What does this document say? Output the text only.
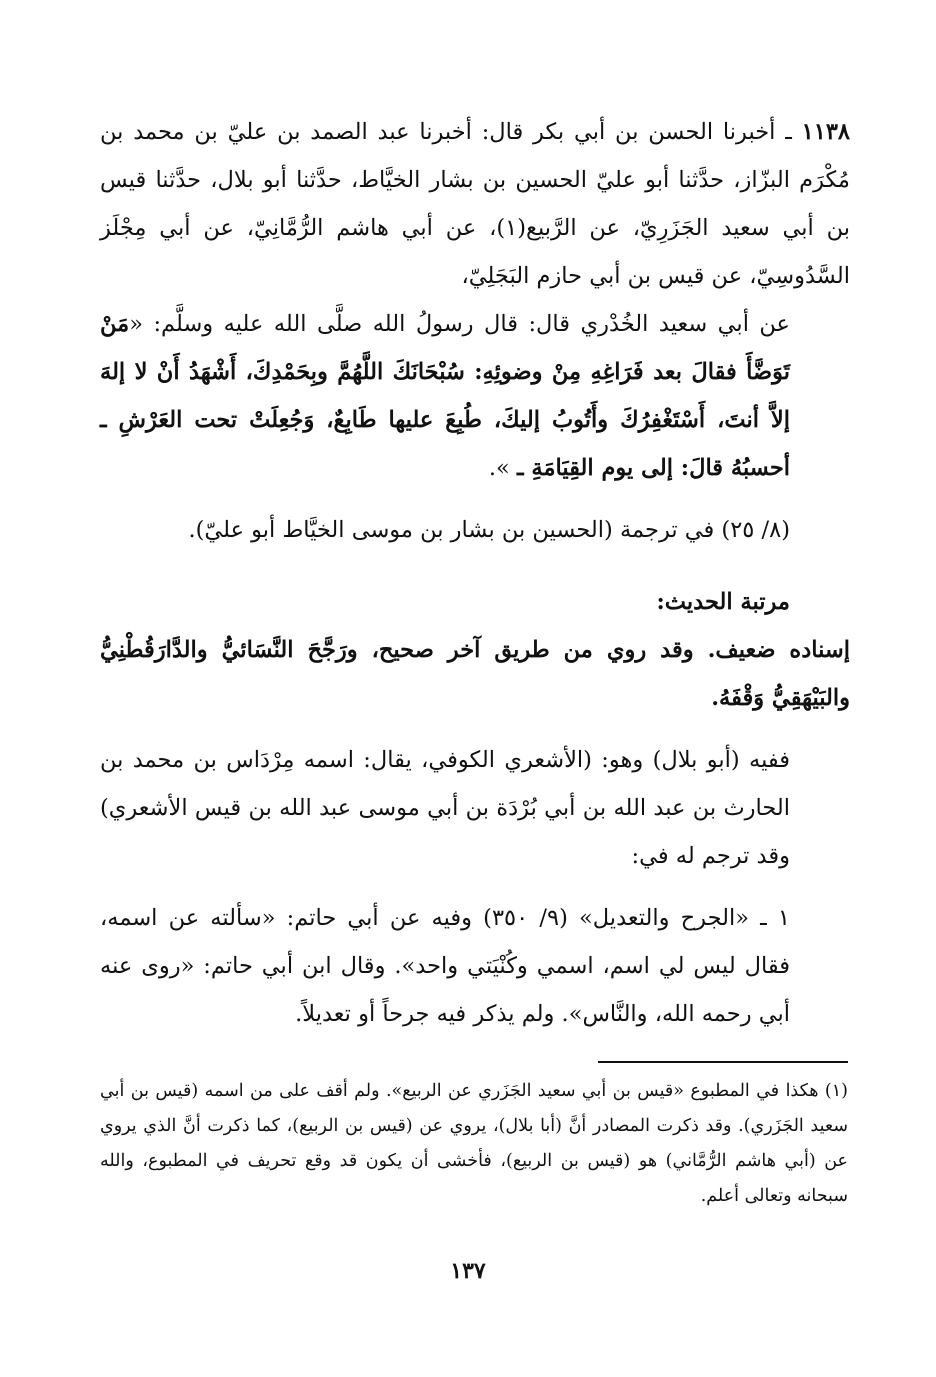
١١٣٨ ـ أخبرنا الحسن بن أبي بكر قال: أخبرنا عبد الصمد بن عليّ بن محمد بن مُكْرَم البزّاز، حدَّثنا أبو عليّ الحسين بن بشار الخيَّاط، حدَّثنا أبو بلال، حدَّثنا قيس بن أبي سعيد الجَزَرِيّ، عن الرَّبيع(١)، عن أبي هاشم الرُّمَّانِيّ، عن أبي مِجْلَز السَّدُوسِيّ، عن قيس بن أبي حازم البَجَلِيّ،

عن أبي سعيد الخُدْري قال: قال رسولُ الله صلَّى الله عليه وسلَّم: «مَنْ تَوَضَّأَ فقالَ بعد فَرَاغِهِ مِنْ وضوئِهِ: سُبْحَانَكَ اللَّهُمَّ وبِحَمْدِكَ، أَشْهَدُ أَنْ لا إلهَ إلاَّ أنتَ، أَسْتَغْفِرُكَ وأَتُوبُ إليكَ، طُبِعَ عليها طَابِعٌ، وَجُعِلَتْ تحت العَرْشِ ـ أحسبُهُ قالَ: إلى يوم القِيَامَةِ ـ ».

(٨/ ٢٥) في ترجمة (الحسين بن بشار بن موسى الخيَّاط أبو عليّ).

مرتبة الحديث:

إسناده ضعيف. وقد روي من طريق آخر صحيح، ورَجَّحَ النَّسَائيُّ والدَّارَقُطْنِيُّ والبَيْهَقِيُّ وَقْفَهُ.

ففيه (أبو بلال) وهو: (الأشعري الكوفي، يقال: اسمه مِرْدَاس بن محمد بن الحارث بن عبد الله بن أبي بُرْدَة بن أبي موسى عبد الله بن قيس الأشعري) وقد ترجم له في:

١ ـ «الجرح والتعديل» (٩/ ٣٥٠) وفيه عن أبي حاتم: «سألته عن اسمه، فقال ليس لي اسم، اسمي وكُنْيَتي واحد». وقال ابن أبي حاتم: «روى عنه أبي رحمه الله، والنَّاس». ولم يذكر فيه جرحاً أو تعديلاً.

(١) هكذا في المطبوع «قيس بن أبي سعيد الجَزَري عن الربيع». ولم أقف على من اسمه (قيس بن أبي سعيد الجَزَري). وقد ذكرت المصادر أنَّ (أبا بلال)، يروي عن (قيس بن الربيع)، كما ذكرت أنَّ الذي يروي عن (أبي هاشم الرُّمَّاني) هو (قيس بن الربيع)، فأخشى أن يكون قد وقع تحريف في المطبوع، والله سبحانه وتعالى أعلم.

١٣٧
